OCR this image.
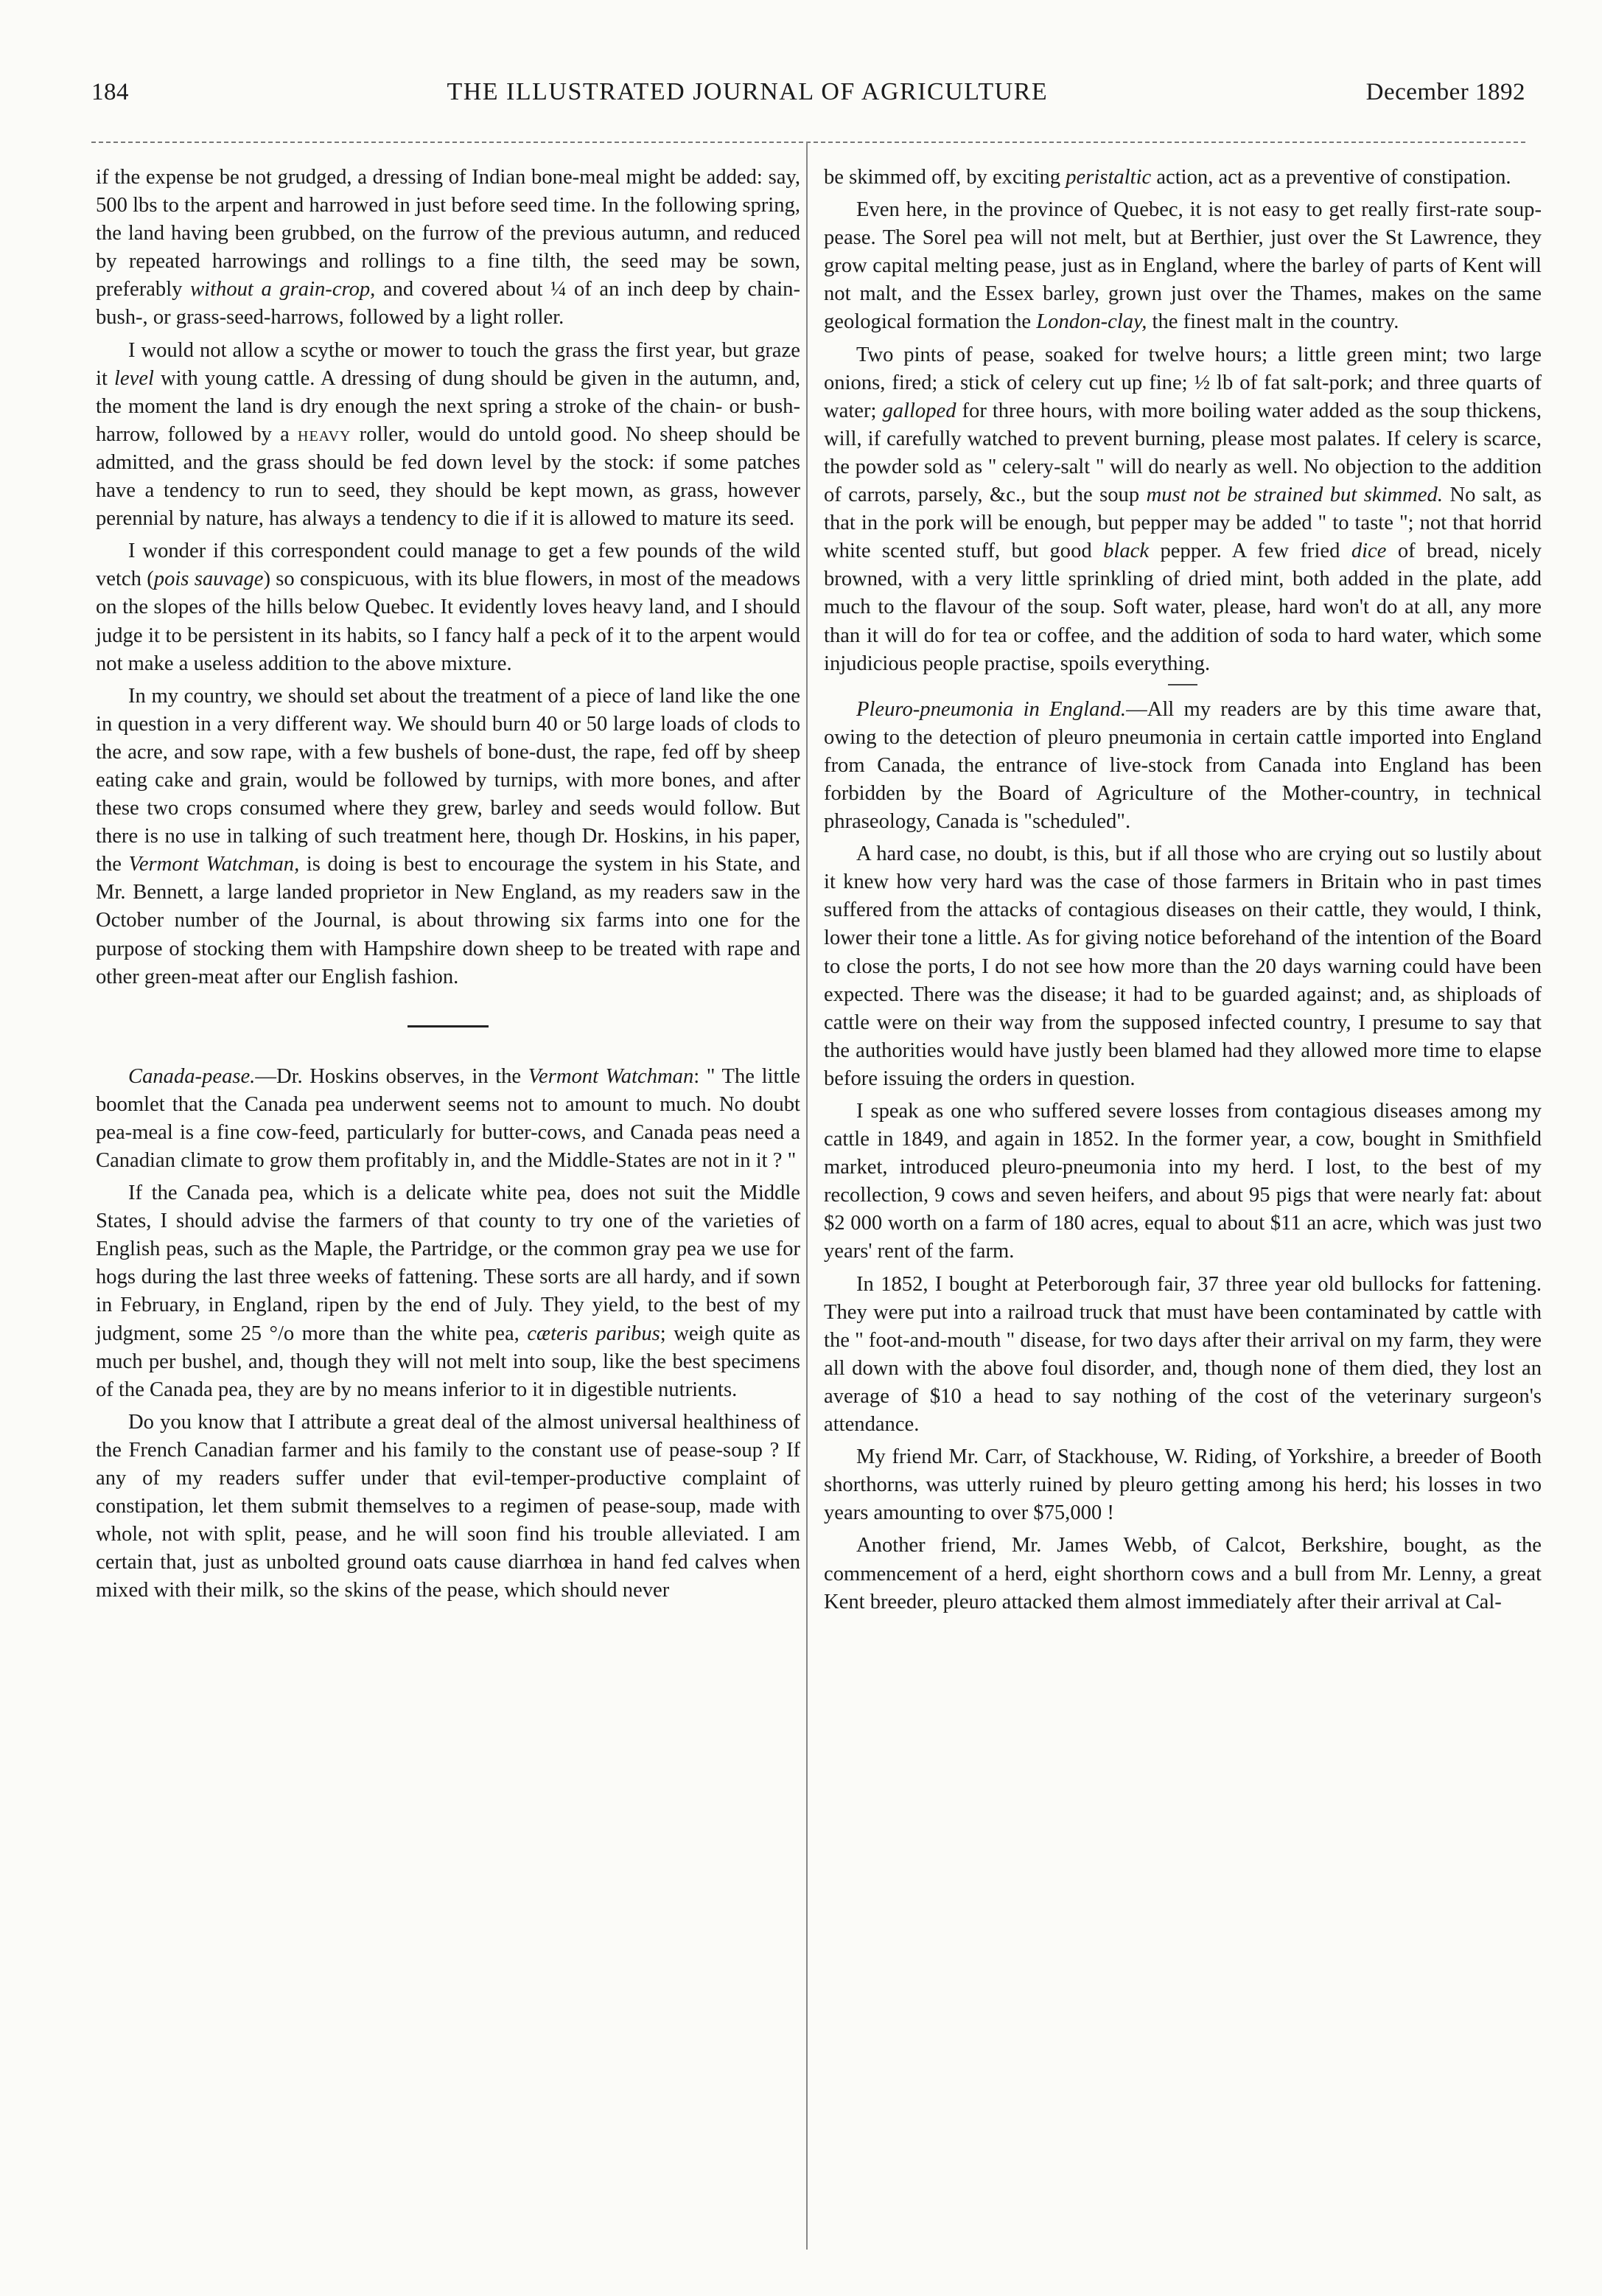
184	THE ILLUSTRATED JOURNAL OF AGRICULTURE	December 1892

if the expense be not grudged, a dressing of Indian bone-meal might be added: say, 500 lbs to the arpent and harrowed in just before seed time. In the following spring, the land having been grubbed, on the furrow of the previous autumn, and reduced by repeated harrowings and rollings to a fine tilth, the seed may be sown, preferably without a grain-crop, and covered about ¼ of an inch deep by chain-bush-, or grass-seed-harrows, followed by a light roller.

I would not allow a scythe or mower to touch the grass the first year, but graze it level with young cattle. A dressing of dung should be given in the autumn, and, the moment the land is dry enough the next spring a stroke of the chain- or bush-harrow, followed by a heavy roller, would do untold good. No sheep should be admitted, and the grass should be fed down level by the stock: if some patches have a tendency to run to seed, they should be kept mown, as grass, however perennial by nature, has always a tendency to die if it is allowed to mature its seed.

I wonder if this correspondent could manage to get a few pounds of the wild vetch (pois sauvage) so conspicuous, with its blue flowers, in most of the meadows on the slopes of the hills below Quebec. It evidently loves heavy land, and I should judge it to be persistent in its habits, so I fancy half a peck of it to the arpent would not make a useless addition to the above mixture.

In my country, we should set about the treatment of a piece of land like the one in question in a very different way. We should burn 40 or 50 large loads of clods to the acre, and sow rape, with a few bushels of bone-dust, the rape, fed off by sheep eating cake and grain, would be followed by turnips, with more bones, and after these two crops consumed where they grew, barley and seeds would follow. But there is no use in talking of such treatment here, though Dr. Hoskins, in his paper, the Vermont Watchman, is doing is best to encourage the system in his State, and Mr. Bennett, a large landed proprietor in New England, as my readers saw in the October number of the Journal, is about throwing six farms into one for the purpose of stocking them with Hampshire down sheep to be treated with rape and other green-meat after our English fashion.

Canada-pease.—Dr. Hoskins observes, in the Vermont Watchman: " The little boomlet that the Canada pea underwent seems not to amount to much. No doubt pea-meal is a fine cow-feed, particularly for butter-cows, and Canada peas need a Canadian climate to grow them profitably in, and the Middle-States are not in it ? "

If the Canada pea, which is a delicate white pea, does not suit the Middle States, I should advise the farmers of that county to try one of the varieties of English peas, such as the Maple, the Partridge, or the common gray pea we use for hogs during the last three weeks of fattening. These sorts are all hardy, and if sown in February, in England, ripen by the end of July. They yield, to the best of my judgment, some 25 °/o more than the white pea, cæteris paribus; weigh quite as much per bushel, and, though they will not melt into soup, like the best specimens of the Canada pea, they are by no means inferior to it in digestible nutrients.

Do you know that I attribute a great deal of the almost universal healthiness of the French Canadian farmer and his family to the constant use of pease-soup ? If any of my readers suffer under that evil-temper-productive complaint of constipation, let them submit themselves to a regimen of pease-soup, made with whole, not with split, pease, and he will soon find his trouble alleviated. I am certain that, just as unbolted ground oats cause diarrhœa in hand fed calves when mixed with their milk, so the skins of the pease, which should never

be skimmed off, by exciting peristaltic action, act as a preventive of constipation.

Even here, in the province of Quebec, it is not easy to get really first-rate soup-pease. The Sorel pea will not melt, but at Berthier, just over the St Lawrence, they grow capital melting pease, just as in England, where the barley of parts of Kent will not malt, and the Essex barley, grown just over the Thames, makes on the same geological formation the London-clay, the finest malt in the country.

Two pints of pease, soaked for twelve hours; a little green mint; two large onions, fired; a stick of celery cut up fine; ½ lb of fat salt-pork; and three quarts of water; galloped for three hours, with more boiling water added as the soup thickens, will, if carefully watched to prevent burning, please most palates. If celery is scarce, the powder sold as " celery-salt " will do nearly as well. No objection to the addition of carrots, parsely, &c., but the soup must not be strained but skimmed. No salt, as that in the pork will be enough, but pepper may be added " to taste "; not that horrid white scented stuff, but good black pepper. A few fried dice of bread, nicely browned, with a very little sprinkling of dried mint, both added in the plate, add much to the flavour of the soup. Soft water, please, hard won't do at all, any more than it will do for tea or coffee, and the addition of soda to hard water, which some injudicious people practise, spoils everything.

Pleuro-pneumonia in England.—All my readers are by this time aware that, owing to the detection of pleuro pneumonia in certain cattle imported into England from Canada, the entrance of live-stock from Canada into England has been forbidden by the Board of Agriculture of the Mother-country, in technical phraseology, Canada is "scheduled".

A hard case, no doubt, is this, but if all those who are crying out so lustily about it knew how very hard was the case of those farmers in Britain who in past times suffered from the attacks of contagious diseases on their cattle, they would, I think, lower their tone a little. As for giving notice beforehand of the intention of the Board to close the ports, I do not see how more than the 20 days warning could have been expected. There was the disease; it had to be guarded against; and, as shiploads of cattle were on their way from the supposed infected country, I presume to say that the authorities would have justly been blamed had they allowed more time to elapse before issuing the orders in question.

I speak as one who suffered severe losses from contagious diseases among my cattle in 1849, and again in 1852. In the former year, a cow, bought in Smithfield market, introduced pleuro-pneumonia into my herd. I lost, to the best of my recollection, 9 cows and seven heifers, and about 95 pigs that were nearly fat: about $2 000 worth on a farm of 180 acres, equal to about $11 an acre, which was just two years' rent of the farm.

In 1852, I bought at Peterborough fair, 37 three year old bullocks for fattening. They were put into a railroad truck that must have been contaminated by cattle with the " foot-and-mouth " disease, for two days after their arrival on my farm, they were all down with the above foul disorder, and, though none of them died, they lost an average of $10 a head to say nothing of the cost of the veterinary surgeon's attendance.

My friend Mr. Carr, of Stackhouse, W. Riding, of Yorkshire, a breeder of Booth shorthorns, was utterly ruined by pleuro getting among his herd; his losses in two years amounting to over $75,000 !

Another friend, Mr. James Webb, of Calcot, Berkshire, bought, as the commencement of a herd, eight shorthorn cows and a bull from Mr. Lenny, a great Kent breeder, pleuro attacked them almost immediately after their arrival at Cal-
